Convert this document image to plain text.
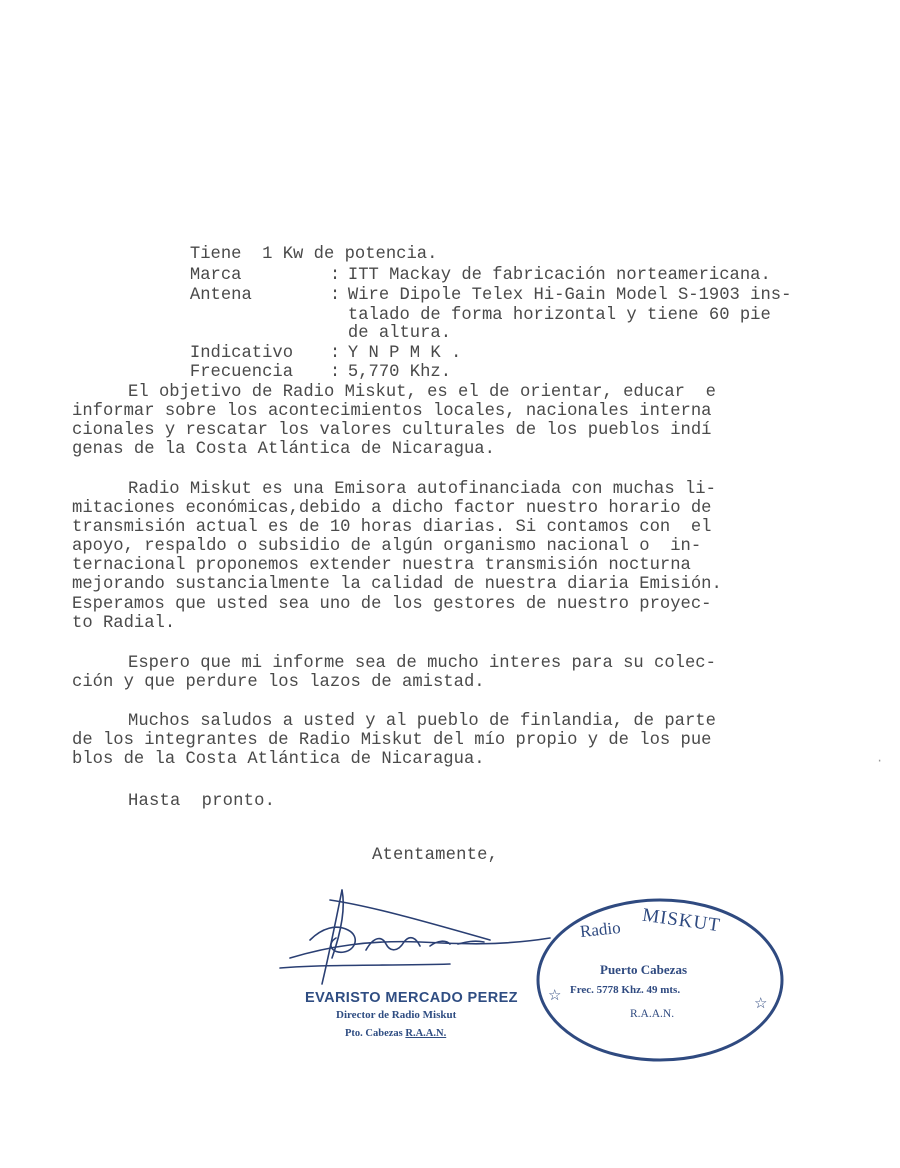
Tiene  1 Kw de potencia.

Marca	: ITT Mackay de fabricación norteamericana.

Antena	: Wire Dipole Telex Hi-Gain Model S-1903 ins-

talado de forma horizontal y tiene 60 pie

de altura.

Indicativo : Y N P M K .

Frecuencia : 5,770 Khz.

El objetivo de Radio Miskut, es el de orientar, educar  e
informar sobre los acontecimientos locales, nacionales interna
cionales y rescatar los valores culturales de los pueblos indí
genas de la Costa Atlántica de Nicaragua.
Radio Miskut es una Emisora autofinanciada con muchas li-
mitaciones económicas,debido a dicho factor nuestro horario de
transmisión actual es de 10 horas diarias. Si contamos con  el
apoyo, respaldo o subsidio de algún organismo nacional o  in-
ternacional proponemos extender nuestra transmisión nocturna
mejorando sustancialmente la calidad de nuestra diaria Emisión.
Esperamos que usted sea uno de los gestores de nuestro proyec-
to Radial.
Espero que mi informe sea de mucho interes para su colec-
ción y que perdure los lazos de amistad.
Muchos saludos a usted y al pueblo de finlandia, de parte
de los integrantes de Radio Miskut del mío propio y de los pue
blos de la Costa Atlántica de Nicaragua.
Hasta  pronto.
Atentamente,
EVARISTO MERCADO PEREZ
Director de Radio Miskut
Pto. Cabezas R.A.A.N.
Radio MISKUT
Puerto Cabezas
Frec. 5778 Khz. 49 mts.
R.A.A.N.
☆	☆
·
